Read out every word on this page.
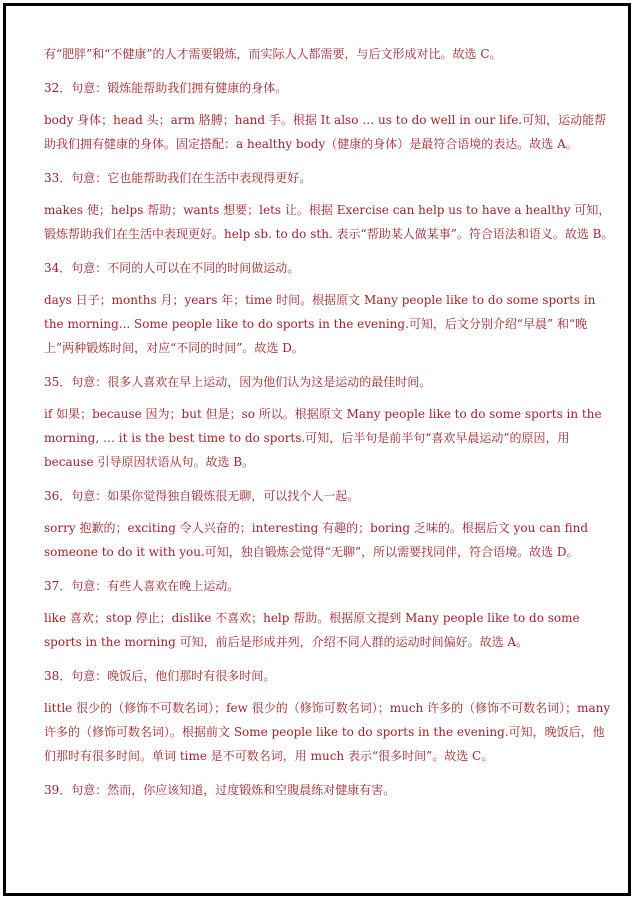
有“肥胖”和“不健康”的人才需要锻炼，而实际人人都需要，与后文形成对比。故选 C。

32．句意：锻炼能帮助我们拥有健康的身体。

body 身体；head 头；arm 胳膊；hand 手。根据 It also … us to do well in our life.可知，运动能帮助我们拥有健康的身体。固定搭配：a healthy body（健康的身体）是最符合语境的表达。故选 A。

33．句意：它也能帮助我们在生活中表现得更好。

makes 使；helps 帮助；wants 想要；lets 让。根据 Exercise can help us to have a healthy 可知，锻炼帮助我们在生活中表现更好。help sb. to do sth. 表示“帮助某人做某事”。符合语法和语义。故选 B。

34．句意：不同的人可以在不同的时间做运动。

days 日子；months 月；years 年；time 时间。根据原文 Many people like to do some sports in the morning... Some people like to do sports in the evening.可知，后文分别介绍“早晨” 和“晚上”两种锻炼时间，对应“不同的时间”。故选 D。

35．句意：很多人喜欢在早上运动，因为他们认为这是运动的最佳时间。

if 如果；because 因为；but 但是；so 所以。根据原文 Many people like to do some sports in the morning, … it is the best time to do sports.可知，后半句是前半句“喜欢早晨运动”的原因，用 because 引导原因状语从句。故选 B。

36．句意：如果你觉得独自锻炼很无聊，可以找个人一起。

sorry 抱歉的；exciting 令人兴奋的；interesting 有趣的；boring 乏味的。根据后文 you can find someone to do it with you.可知，独自锻炼会觉得“无聊”，所以需要找同伴，符合语境。故选 D。

37．句意：有些人喜欢在晚上运动。

like 喜欢；stop 停止；dislike 不喜欢；help 帮助。根据原文提到 Many people like to do some sports in the morning 可知，前后是形成并列，介绍不同人群的运动时间偏好。故选 A。

38．句意：晚饭后，他们那时有很多时间。

little 很少的（修饰不可数名词）；few 很少的（修饰可数名词）；much 许多的（修饰不可数名词）；many 许多的（修饰可数名词）。根据前文 Some people like to do sports in the evening.可知，晚饭后，他们那时有很多时间。单词 time 是不可数名词，用 much 表示“很多时间”。故选 C。

39．句意：然而，你应该知道，过度锻炼和空腹晨练对健康有害。
